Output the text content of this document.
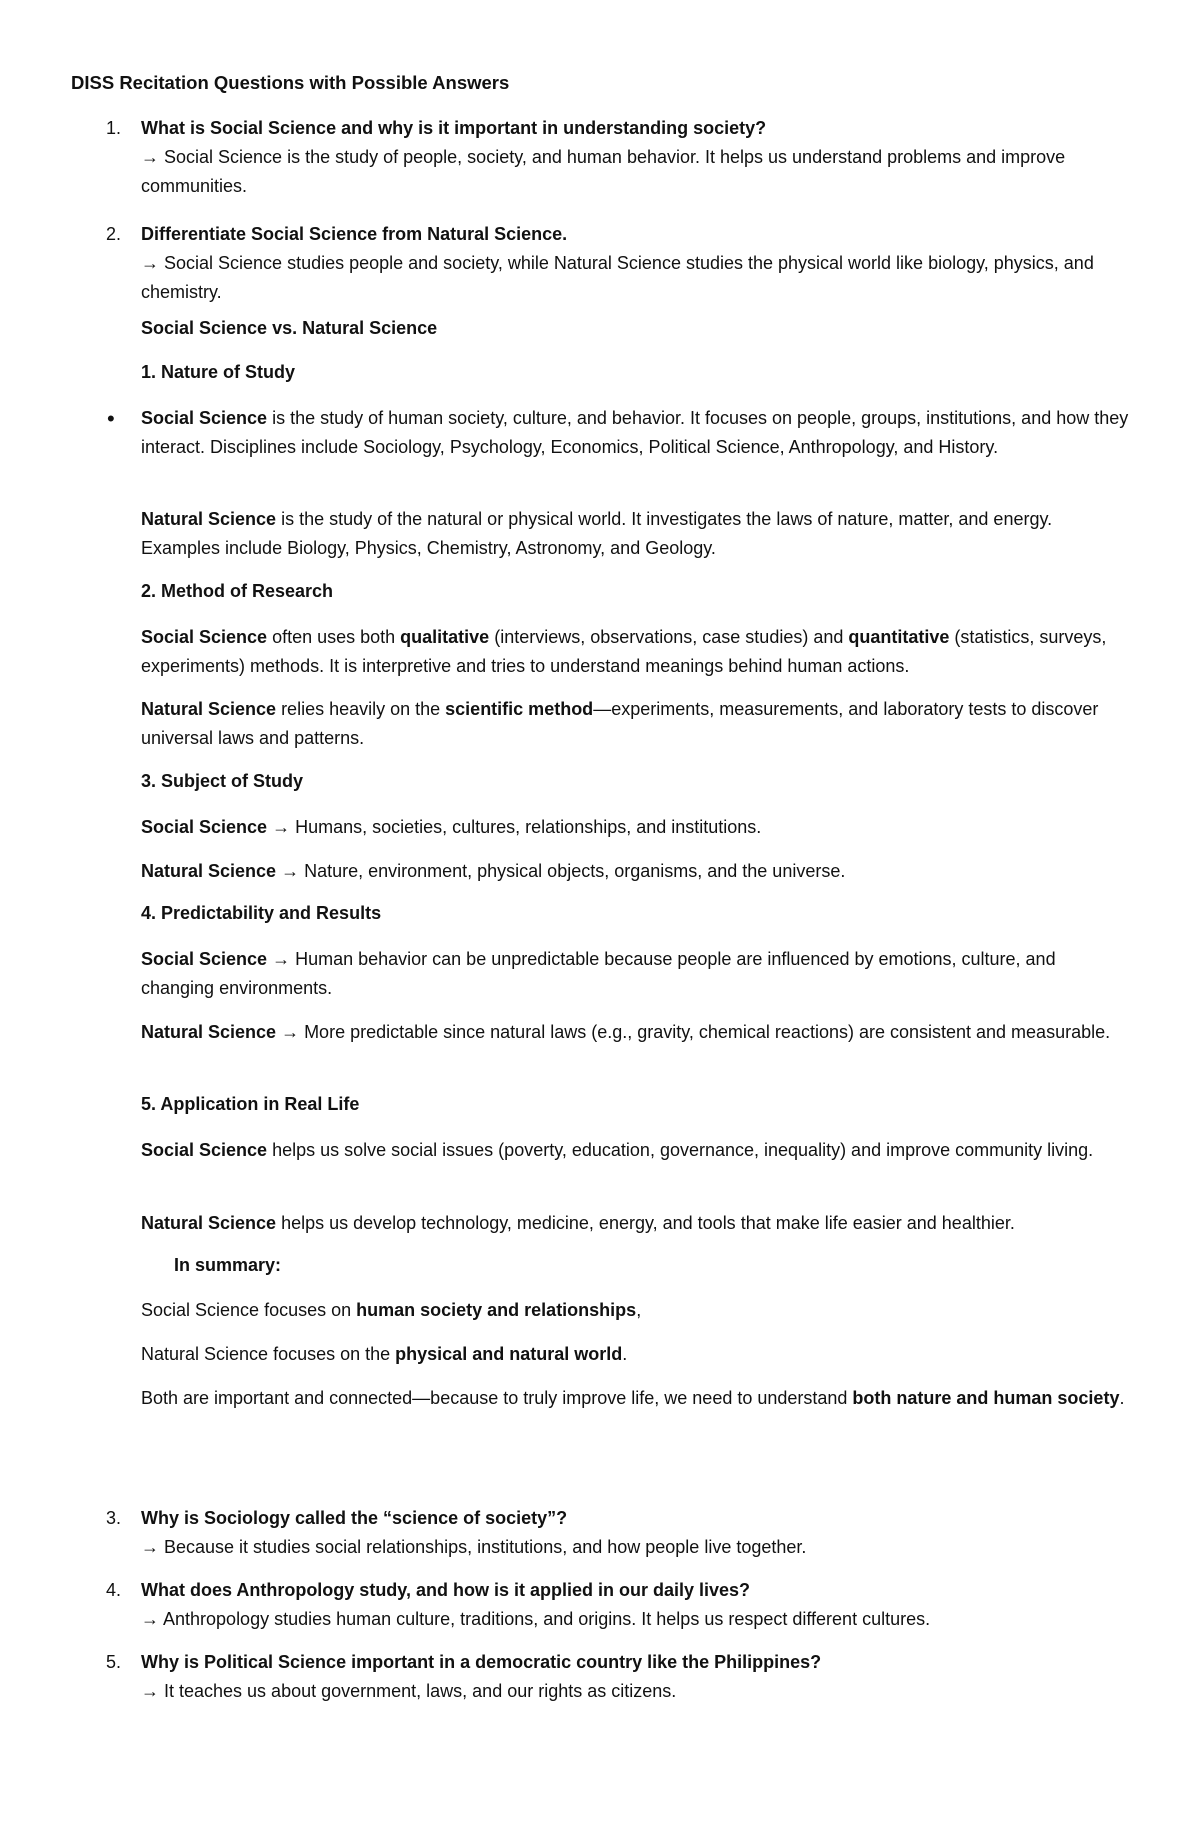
DISS Recitation Questions with Possible Answers
1. What is Social Science and why is it important in understanding society?
→ Social Science is the study of people, society, and human behavior. It helps us understand problems and improve communities.
2. Differentiate Social Science from Natural Science.
→ Social Science studies people and society, while Natural Science studies the physical world like biology, physics, and chemistry.
Social Science vs. Natural Science
1. Nature of Study
• Social Science is the study of human society, culture, and behavior. It focuses on people, groups, institutions, and how they interact. Disciplines include Sociology, Psychology, Economics, Political Science, Anthropology, and History.
Natural Science is the study of the natural or physical world. It investigates the laws of nature, matter, and energy. Examples include Biology, Physics, Chemistry, Astronomy, and Geology.
2. Method of Research
Social Science often uses both qualitative (interviews, observations, case studies) and quantitative (statistics, surveys, experiments) methods. It is interpretive and tries to understand meanings behind human actions.
Natural Science relies heavily on the scientific method—experiments, measurements, and laboratory tests to discover universal laws and patterns.
3. Subject of Study
Social Science → Humans, societies, cultures, relationships, and institutions.
Natural Science → Nature, environment, physical objects, organisms, and the universe.
4. Predictability and Results
Social Science → Human behavior can be unpredictable because people are influenced by emotions, culture, and changing environments.
Natural Science → More predictable since natural laws (e.g., gravity, chemical reactions) are consistent and measurable.
5. Application in Real Life
Social Science helps us solve social issues (poverty, education, governance, inequality) and improve community living.
Natural Science helps us develop technology, medicine, energy, and tools that make life easier and healthier.
In summary:
Social Science focuses on human society and relationships,
Natural Science focuses on the physical and natural world.
Both are important and connected—because to truly improve life, we need to understand both nature and human society.
3. Why is Sociology called the “science of society”?
→ Because it studies social relationships, institutions, and how people live together.
4. What does Anthropology study, and how is it applied in our daily lives?
→ Anthropology studies human culture, traditions, and origins. It helps us respect different cultures.
5. Why is Political Science important in a democratic country like the Philippines?
→ It teaches us about government, laws, and our rights as citizens.
